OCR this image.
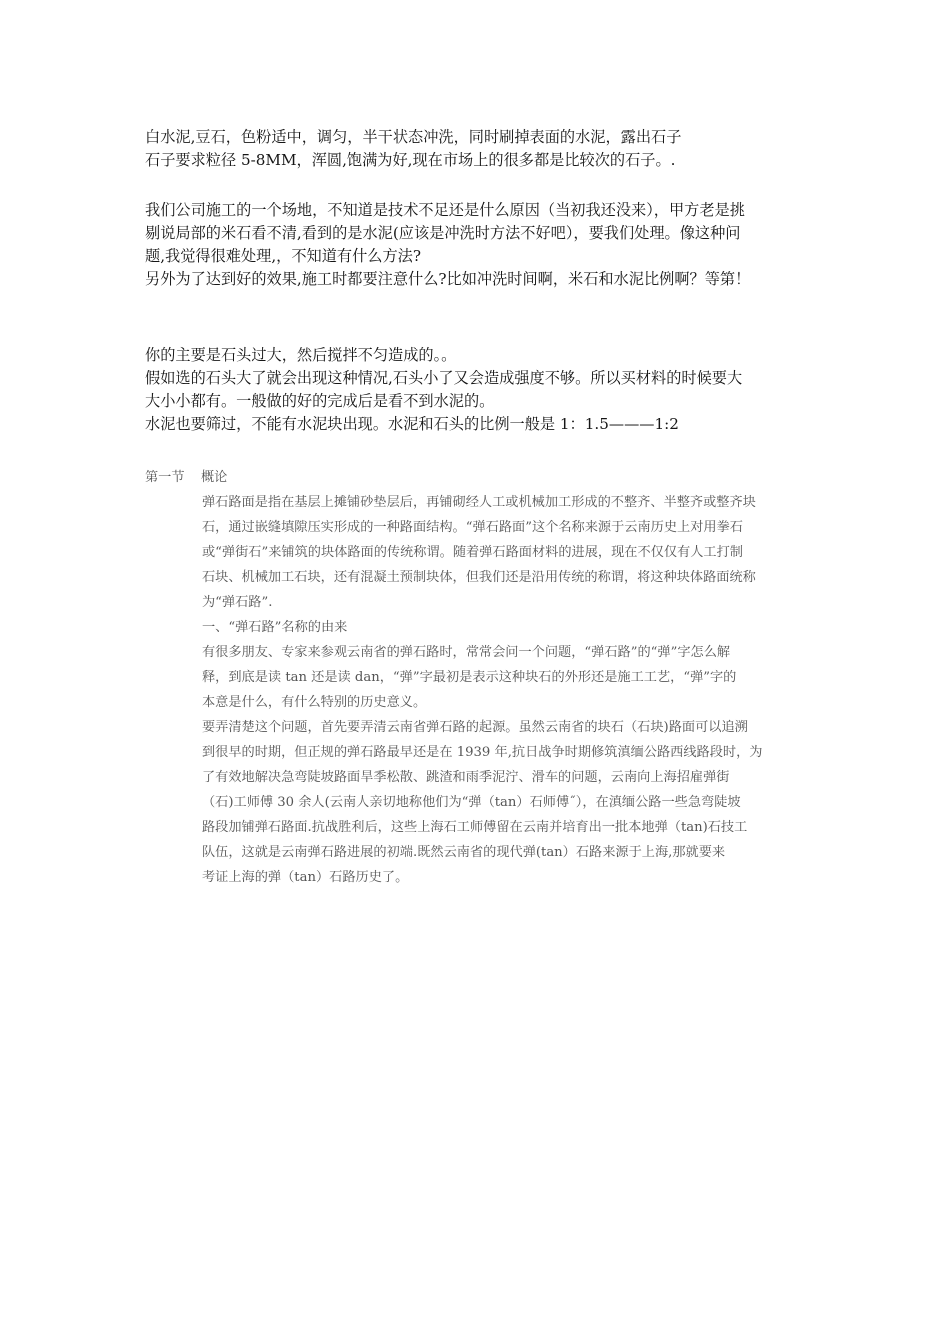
白水泥,豆石，色粉适中，调匀，半干状态冲洗，同时刷掉表面的水泥，露出石子
石子要求粒径 5-8MM，浑圆,饱满为好,现在市场上的很多都是比较次的石子。.
我们公司施工的一个场地，不知道是技术不足还是什么原因（当初我还没来），甲方老是挑
剔说局部的米石看不清,看到的是水泥(应该是冲洗时方法不好吧），要我们处理。像这种问
题,我觉得很难处理,，不知道有什么方法?
另外为了达到好的效果,施工时都要注意什么?比如冲洗时间啊，米石和水泥比例啊？等第！
你的主要是石头过大，然后搅拌不匀造成的。。
假如选的石头大了就会出现这种情况,石头小了又会造成强度不够。所以买材料的时候要大
大小小都有。一般做的好的完成后是看不到水泥的。
水泥也要筛过，不能有水泥块出现。水泥和石头的比例一般是 1：1.5———1:2
第一节	概论
弹石路面是指在基层上摊铺砂垫层后，再铺砌经人工或机械加工形成的不整齐、半整齐或整齐块
石，通过嵌缝填隙压实形成的一种路面结构。“弹石路面”这个名称来源于云南历史上对用拳石
或“弹街石”来铺筑的块体路面的传统称谓。随着弹石路面材料的进展，现在不仅仅有人工打制
石块、机械加工石块，还有混凝土预制块体，但我们还是沿用传统的称谓，将这种块体路面统称
为“弹石路”.
一、“弹石路”名称的由来
有很多朋友、专家来参观云南省的弹石路时，常常会问一个问题，“弹石路”的“弹”字怎么解
释，到底是读 tan 还是读 dan，“弹”字最初是表示这种块石的外形还是施工工艺，“弹”字的
本意是什么，有什么特别的历史意义。
要弄清楚这个问题，首先要弄清云南省弹石路的起源。虽然云南省的块石（石块)路面可以追溯
到很早的时期，但正规的弹石路最早还是在 1939 年,抗日战争时期修筑滇缅公路西线路段时，为
了有效地解决急弯陡坡路面旱季松散、跳渣和雨季泥泞、滑车的问题，云南向上海招雇弹街
（石)工师傅 30 余人(云南人亲切地称他们为“弹（tan）石师傅˝），在滇缅公路一些急弯陡坡
路段加铺弹石路面.抗战胜利后，这些上海石工师傅留在云南并培育出一批本地弹（tan)石技工
队伍，这就是云南弹石路进展的初端.既然云南省的现代弹(tan）石路来源于上海,那就要来
考证上海的弹（tan）石路历史了。
